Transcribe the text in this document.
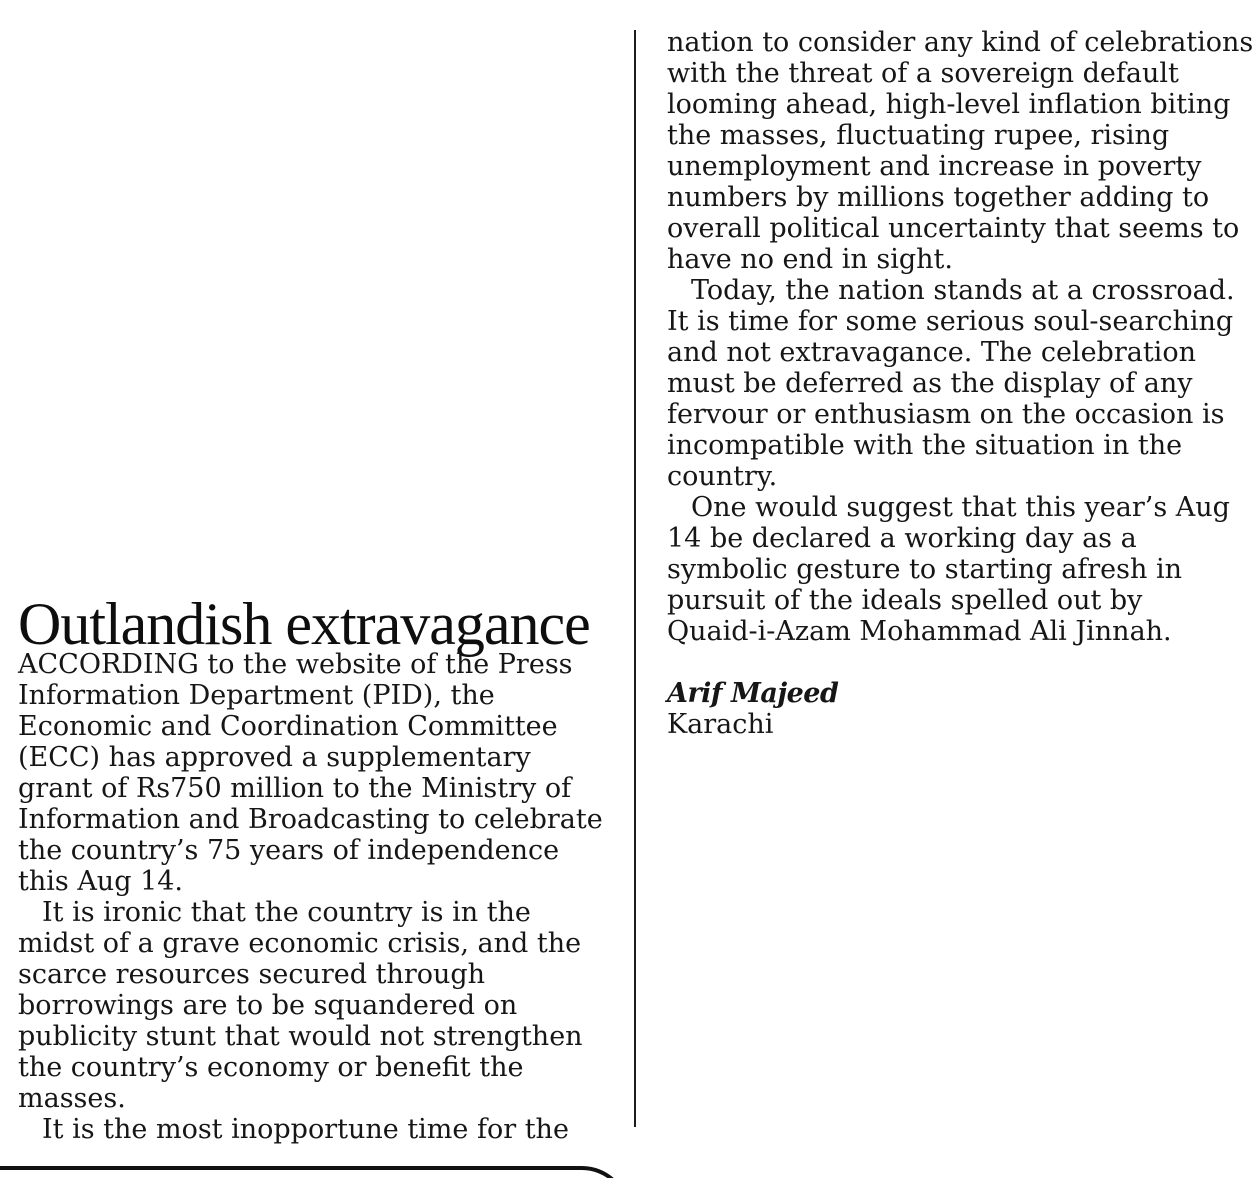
Outlandish extravagance
ACCORDING to the website of the Press
Information Department (PID), the
Economic and Coordination Committee
(ECC) has approved a supplementary
grant of Rs750 million to the Ministry of
Information and Broadcasting to celebrate
the country’s 75 years of independence
this Aug 14.
It is ironic that the country is in the
midst of a grave economic crisis, and the
scarce resources secured through
borrowings are to be squandered on
publicity stunt that would not strengthen
the country’s economy or benefit the
masses.
It is the most inopportune time for the
nation to consider any kind of celebrations
with the threat of a sovereign default
looming ahead, high-level inflation biting
the masses, fluctuating rupee, rising
unemployment and increase in poverty
numbers by millions together adding to
overall political uncertainty that seems to
have no end in sight.
Today, the nation stands at a crossroad.
It is time for some serious soul-searching
and not extravagance. The celebration
must be deferred as the display of any
fervour or enthusiasm on the occasion is
incompatible with the situation in the
country.
One would suggest that this year’s Aug
14 be declared a working day as a
symbolic gesture to starting afresh in
pursuit of the ideals spelled out by
Quaid-i-Azam Mohammad Ali Jinnah.
Arif Majeed
Karachi
